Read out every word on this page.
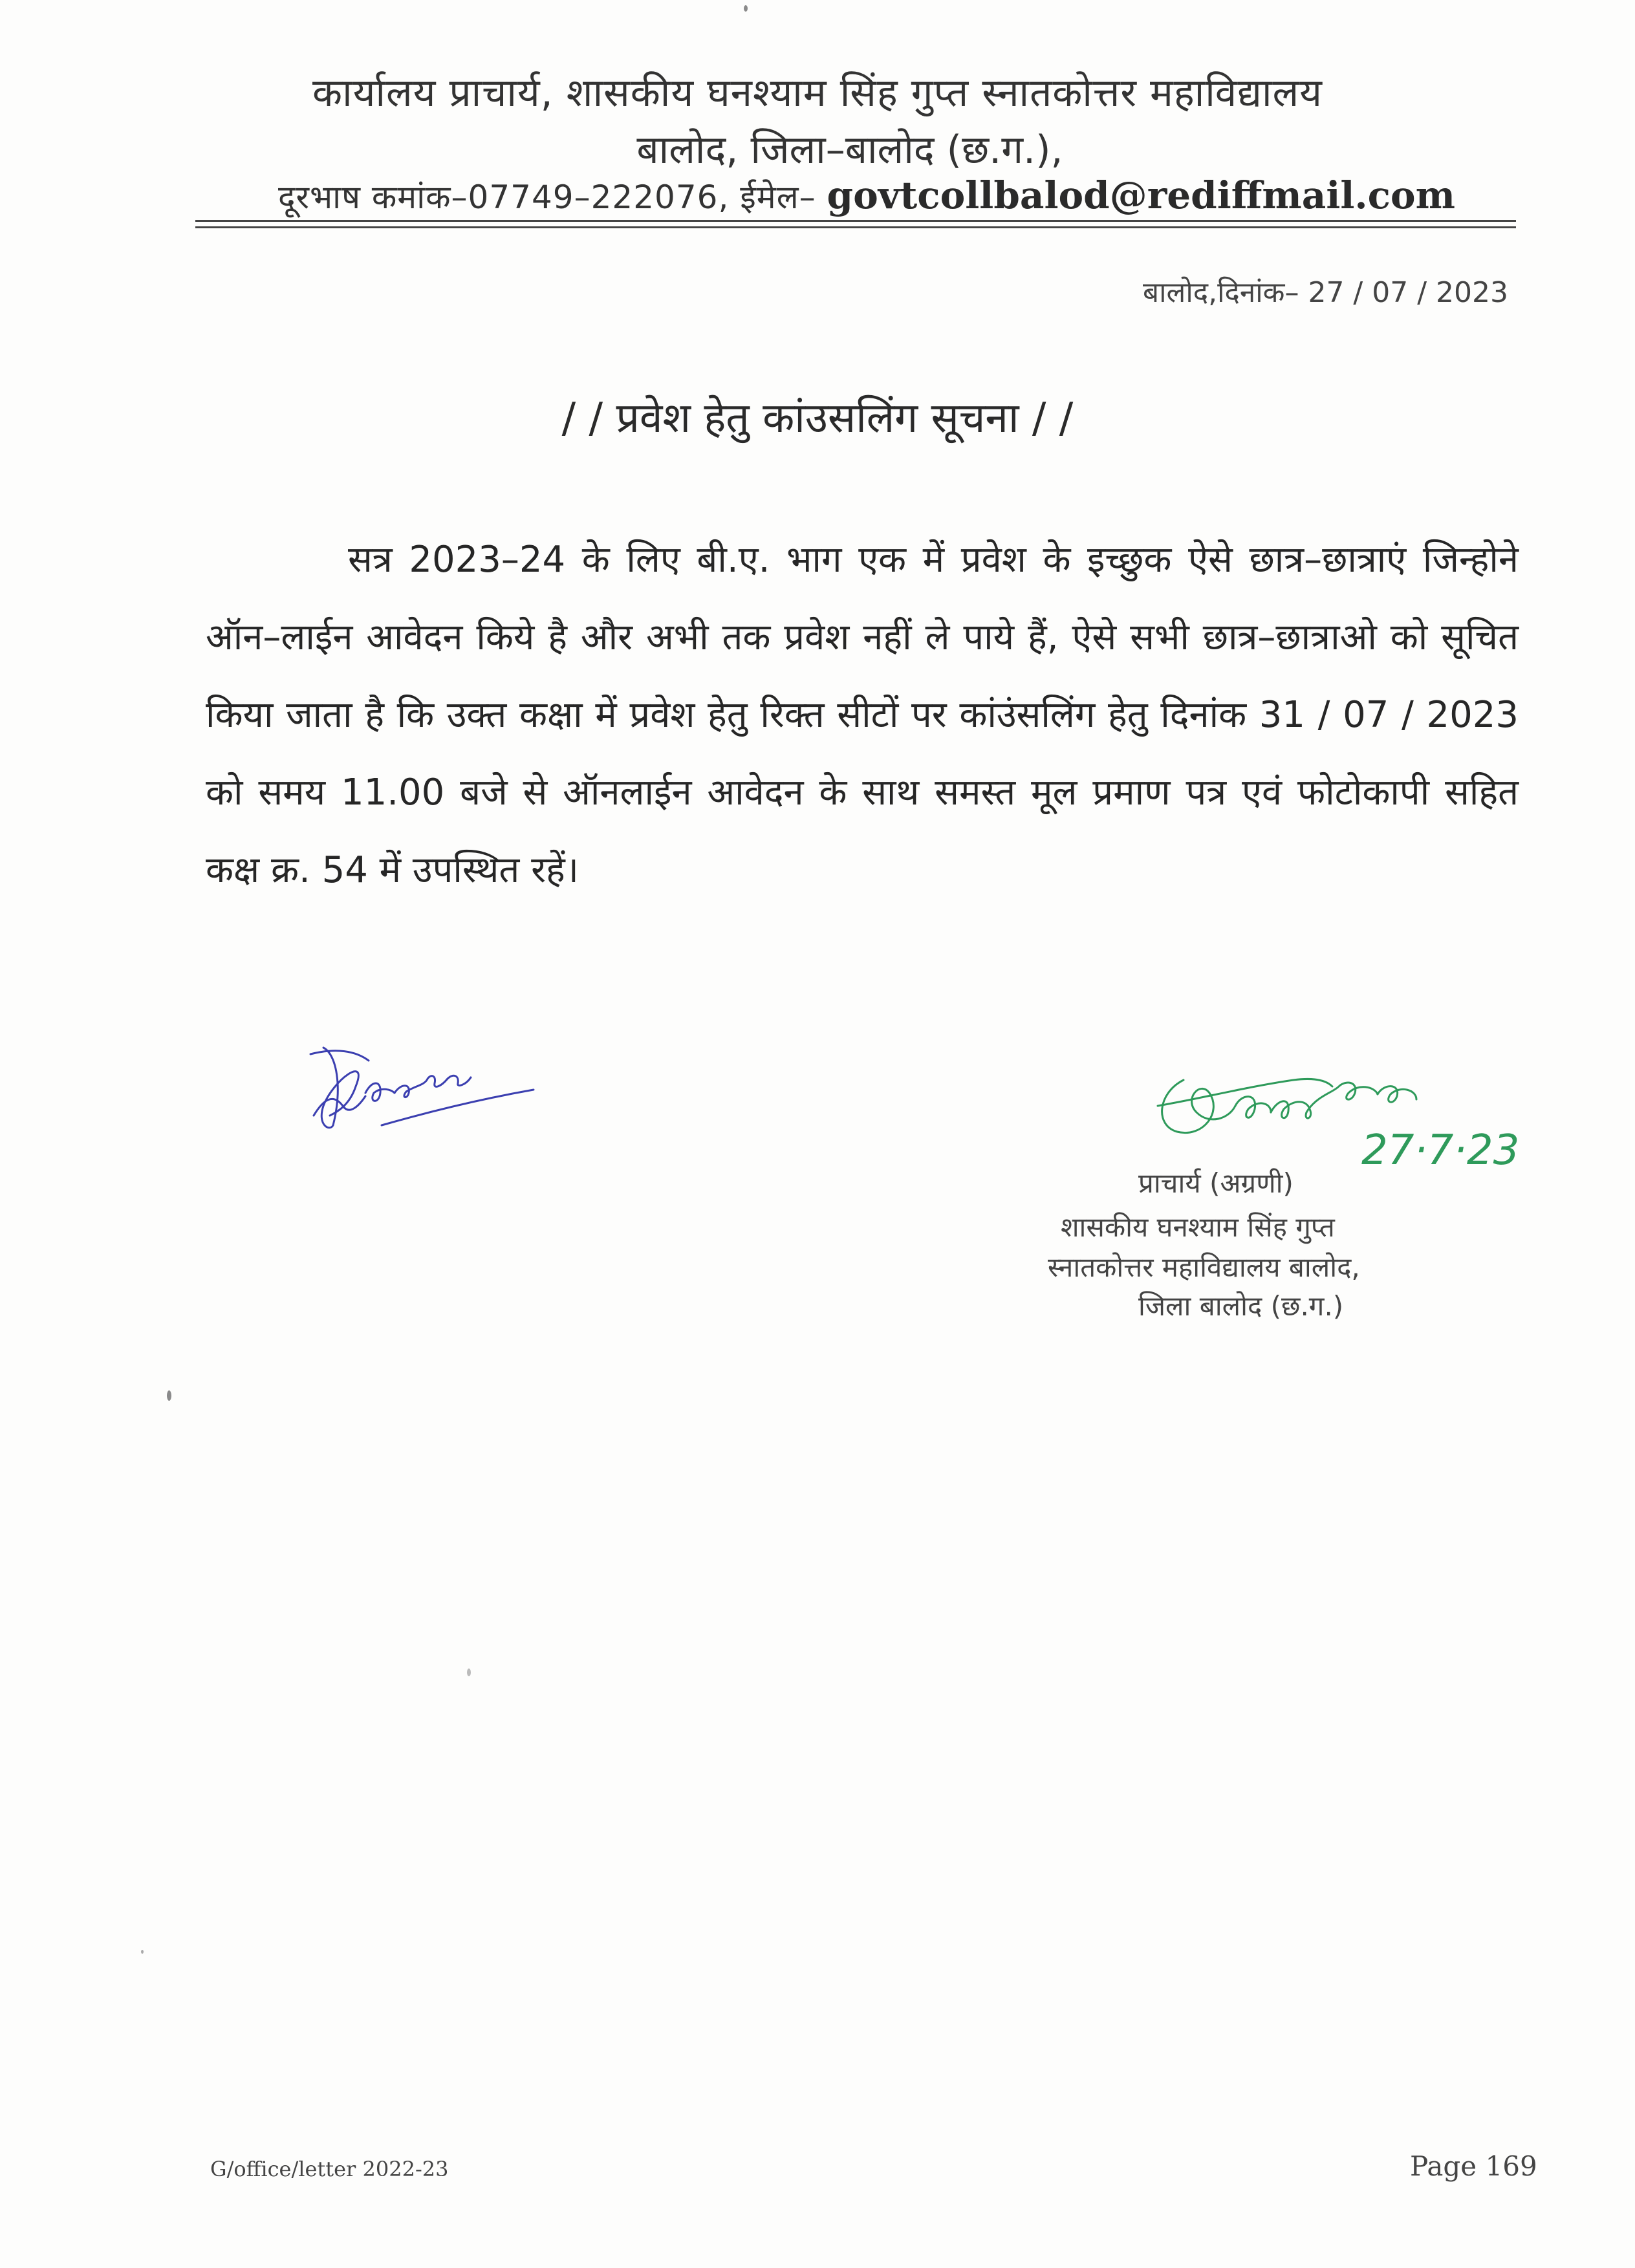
कार्यालय प्राचार्य, शासकीय घनश्याम सिंह गुप्त स्नातकोत्तर महाविद्यालय
बालोद, जिला–बालोद (छ.ग.),
दूरभाष कमांक–07749–222076, ईमेल– govtcollbalod@rediffmail.com
बालोद,दिनांक– 27 / 07 / 2023
/ / प्रवेश हेतु कांउसलिंग सूचना / /
सत्र 2023–24 के लिए बी.ए. भाग एक में प्रवेश के इच्छुक ऐसे छात्र–छात्राएं जिन्होने ऑन–लाईन आवेदन किये है और अभी तक प्रवेश नहीं ले पाये हैं, ऐसे सभी छात्र–छात्राओ को सूचित किया जाता है कि उक्त कक्षा में प्रवेश हेतु रिक्त सीटों पर कांउंसलिंग हेतु दिनांक 31 / 07 / 2023 को समय 11.00 बजे से ऑनलाईन आवेदन के साथ समस्त मूल प्रमाण पत्र एवं फोटोकापी सहित कक्ष क्र. 54 में उपस्थित रहें।
27·7·23
प्राचार्य (अग्रणी)
शासकीय घनश्याम सिंह गुप्त
स्नातकोत्तर महाविद्यालय बालोद,
जिला बालोद (छ.ग.)
G/office/letter 2022-23	Page 169
